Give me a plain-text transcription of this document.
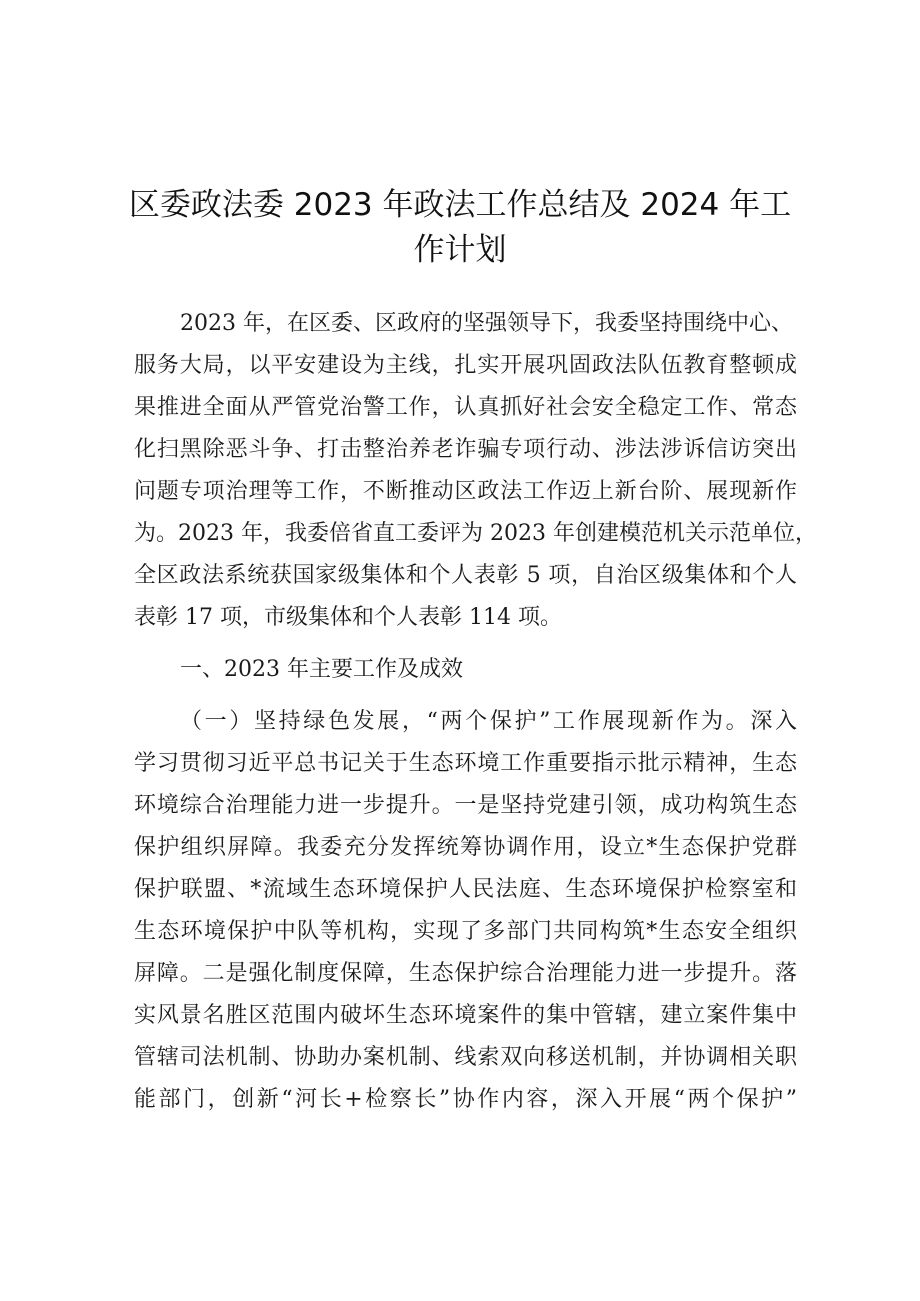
区委政法委 2023 年政法工作总结及 2024 年工
作计划
2023 年，在区委、区政府的坚强领导下，我委坚持围绕中心、
服务大局，以平安建设为主线，扎实开展巩固政法队伍教育整顿成
果推进全面从严管党治警工作，认真抓好社会安全稳定工作、常态
化扫黑除恶斗争、打击整治养老诈骗专项行动、涉法涉诉信访突出
问题专项治理等工作，不断推动区政法工作迈上新台阶、展现新作
为。2023 年，我委倍省直工委评为 2023 年创建模范机关示范单位，
全区政法系统获国家级集体和个人表彰 5 项，自治区级集体和个人
表彰 17 项，市级集体和个人表彰 114 项。
一、2023 年主要工作及成效
（一）坚持绿色发展，“两个保护”工作展现新作为。深入
学习贯彻习近平总书记关于生态环境工作重要指示批示精神，生态
环境综合治理能力进一步提升。一是坚持党建引领，成功构筑生态
保护组织屏障。我委充分发挥统筹协调作用，设立*生态保护党群
保护联盟、*流域生态环境保护人民法庭、生态环境保护检察室和
生态环境保护中队等机构，实现了多部门共同构筑*生态安全组织
屏障。二是强化制度保障，生态保护综合治理能力进一步提升。落
实风景名胜区范围内破坏生态环境案件的集中管辖，建立案件集中
管辖司法机制、协助办案机制、线索双向移送机制，并协调相关职
能部门，创新“河长+检察长”协作内容，深入开展“两个保护”
